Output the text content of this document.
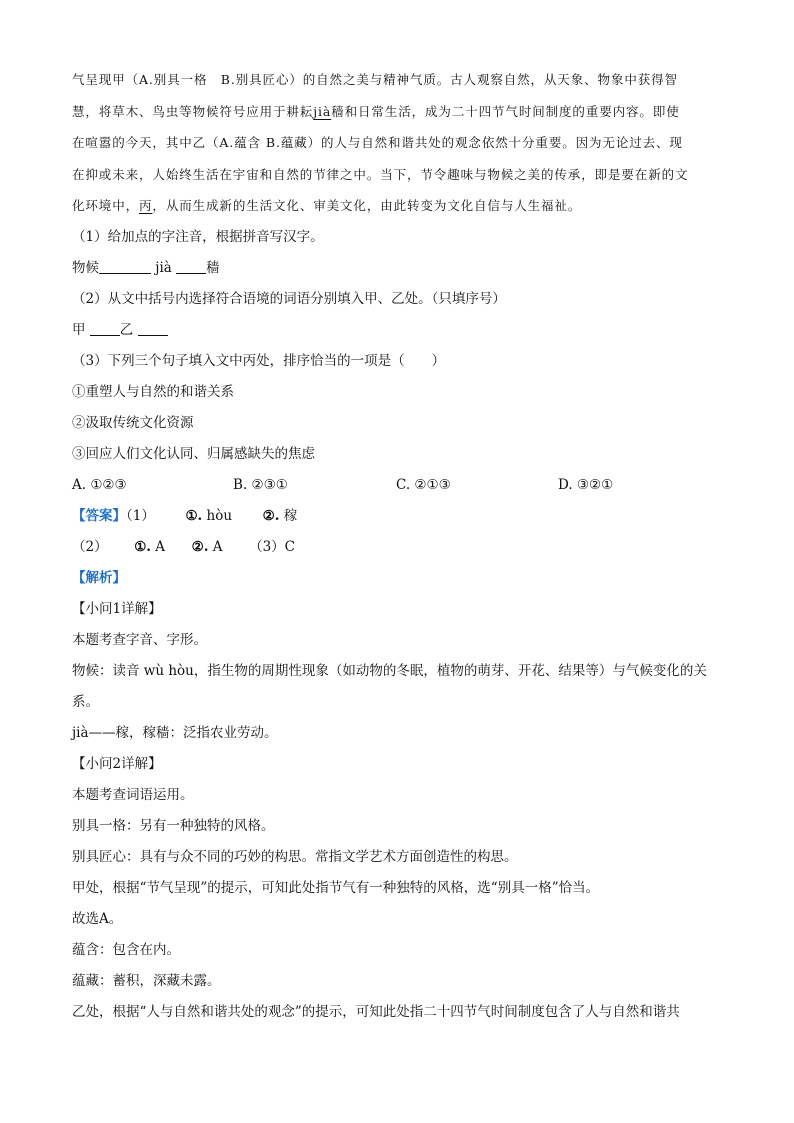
气呈现甲（A.别具一格　B.别具匠心）的自然之美与精神气质。古人观察自然，从天象、物象中获得智
慧，将草木、鸟虫等物候符号应用于耕耘jià穑和日常生活，成为二十四节气时间制度的重要内容。即使
在喧嚣的今天，其中乙（A.蕴含 B.蕴藏）的人与自然和谐共处的观念依然十分重要。因为无论过去、现
在抑或未来，人始终生活在宇宙和自然的节律之中。当下，节令趣味与物候之美的传承，即是要在新的文
化环境中，丙，从而生成新的生活文化、审美文化，由此转变为文化自信与人生福祉。
（1）给加点的字注音，根据拼音写汉字。
物候	jià	穑
（2）从文中括号内选择符合语境的词语分别填入甲、乙处。（只填序号）
甲	乙
（3）下列三个句子填入文中丙处，排序恰当的一项是（　　）
①重塑人与自然的和谐关系
②汲取传统文化资源
③回应人们文化认同、归属感缺失的焦虑
A. ①②③	B. ②③①	C. ②①③	D. ③②①
【答案】（1） ①. hòu ②. 稼
（2） ①. A ②. A （3）C
【解析】
【小问1详解】
本题考查字音、字形。
物候：读音 wù hòu，指生物的周期性现象（如动物的冬眠，植物的萌芽、开花、结果等）与气候变化的关
系。
jià——稼，稼穑：泛指农业劳动。
【小问2详解】
本题考查词语运用。
别具一格：另有一种独特的风格。
别具匠心：具有与众不同的巧妙的构思。常指文学艺术方面创造性的构思。
甲处，根据“节气呈现”的提示，可知此处指节气有一种独特的风格，选“别具一格”恰当。
故选A。
蕴含：包含在内。
蕴藏：蓄积，深藏未露。
乙处，根据“人与自然和谐共处的观念”的提示，可知此处指二十四节气时间制度包含了人与自然和谐共
